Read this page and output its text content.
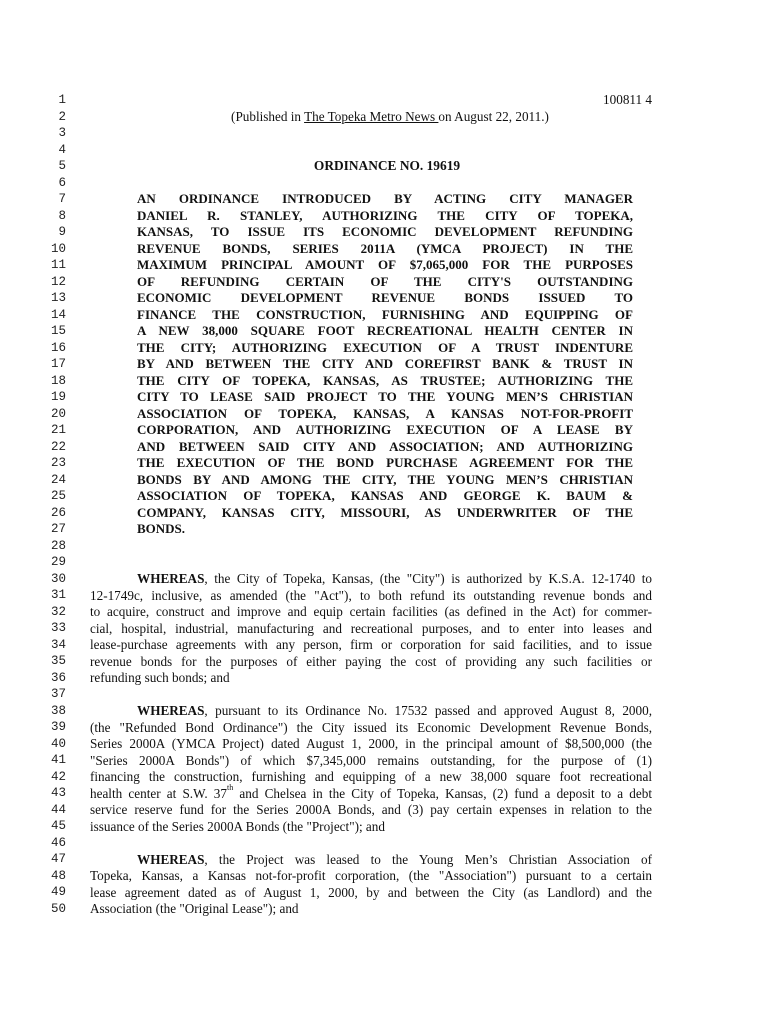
1
2
3
4
5
6
7
8
9
10
11
12
13
14
15
16
17
18
19
20
21
22
23
24
25
26
27
28
29
30
31
32
33
34
35
36
37
38
39
40
41
42
43
44
45
46
47
48
49
50
100811 4
(Published in The Topeka Metro News on August 22, 2011.)
ORDINANCE NO. 19619
AN ORDINANCE INTRODUCED BY ACTING CITY MANAGER
DANIEL R. STANLEY, AUTHORIZING THE CITY OF TOPEKA,
KANSAS, TO ISSUE ITS ECONOMIC DEVELOPMENT REFUNDING
REVENUE BONDS, SERIES 2011A (YMCA PROJECT) IN THE
MAXIMUM PRINCIPAL AMOUNT OF $7,065,000 FOR THE PURPOSES
OF REFUNDING CERTAIN OF THE CITY'S OUTSTANDING
ECONOMIC DEVELOPMENT REVENUE BONDS ISSUED TO
FINANCE THE CONSTRUCTION, FURNISHING AND EQUIPPING OF
A NEW 38,000 SQUARE FOOT RECREATIONAL HEALTH CENTER IN
THE CITY; AUTHORIZING EXECUTION OF A TRUST INDENTURE
BY AND BETWEEN THE CITY AND COREFIRST BANK & TRUST IN
THE CITY OF TOPEKA, KANSAS, AS TRUSTEE; AUTHORIZING THE
CITY TO LEASE SAID PROJECT TO THE YOUNG MEN’S CHRISTIAN
ASSOCIATION OF TOPEKA, KANSAS, A KANSAS NOT-FOR-PROFIT
CORPORATION, AND AUTHORIZING EXECUTION OF A LEASE BY
AND BETWEEN SAID CITY AND ASSOCIATION; AND AUTHORIZING
THE EXECUTION OF THE BOND PURCHASE AGREEMENT FOR THE
BONDS BY AND AMONG THE CITY, THE YOUNG MEN’S CHRISTIAN
ASSOCIATION OF TOPEKA, KANSAS AND GEORGE K. BAUM &
COMPANY, KANSAS CITY, MISSOURI, AS UNDERWRITER OF THE
BONDS.
WHEREAS, the City of Topeka, Kansas, (the "City") is authorized by K.S.A. 12-1740 to
12-1749c, inclusive, as amended (the "Act"), to both refund its outstanding revenue bonds and
to acquire, construct and improve and equip certain facilities (as defined in the Act) for commer-
cial, hospital, industrial, manufacturing and recreational purposes, and to enter into leases and
lease-purchase agreements with any person, firm or corporation for said facilities, and to issue
revenue bonds for the purposes of either paying the cost of providing any such facilities or
refunding such bonds; and
WHEREAS, pursuant to its Ordinance No. 17532 passed and approved August 8, 2000,
(the "Refunded Bond Ordinance") the City issued its Economic Development Revenue Bonds,
Series 2000A (YMCA Project) dated August 1, 2000, in the principal amount of $8,500,000 (the
"Series 2000A Bonds") of which $7,345,000 remains outstanding, for the purpose of (1)
financing the construction, furnishing and equipping of a new 38,000 square foot recreational
health center at S.W. 37th and Chelsea in the City of Topeka, Kansas, (2) fund a deposit to a debt
service reserve fund for the Series 2000A Bonds, and (3) pay certain expenses in relation to the
issuance of the Series 2000A Bonds (the "Project"); and
WHEREAS, the Project was leased to the Young Men’s Christian Association of
Topeka, Kansas, a Kansas not-for-profit corporation, (the "Association") pursuant to a certain
lease agreement dated as of August 1, 2000, by and between the City (as Landlord) and the
Association (the "Original Lease"); and
